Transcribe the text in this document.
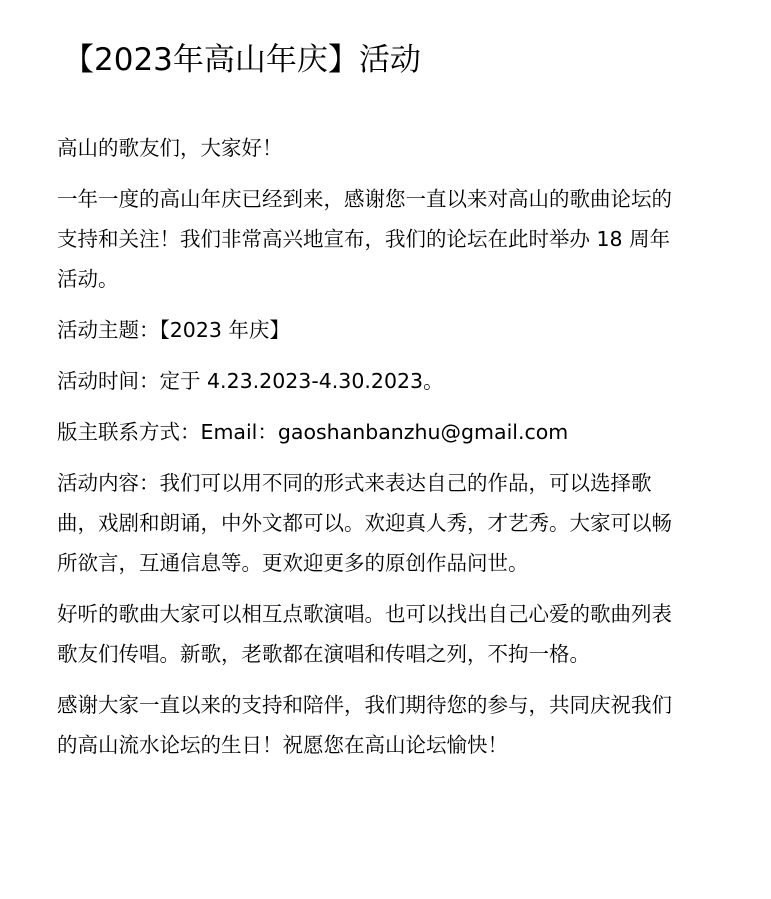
【2023年高山年庆】活动

高山的歌友们，大家好！

一年一度的高山年庆已经到来，感谢您一直以来对高山的歌曲论坛的支持和关注！我们非常高兴地宣布，我们的论坛在此时举办 18 周年活动。

活动主题：【2023 年庆】

活动时间：定于 4.23.2023-4.30.2023。

版主联系方式：Email：gaoshanbanzhu@gmail.com

活动内容：我们可以用不同的形式来表达自己的作品，可以选择歌曲，戏剧和朗诵，中外文都可以。欢迎真人秀，才艺秀。大家可以畅所欲言，互通信息等。更欢迎更多的原创作品问世。

好听的歌曲大家可以相互点歌演唱。也可以找出自己心爱的歌曲列表歌友们传唱。新歌，老歌都在演唱和传唱之列，不拘一格。

感谢大家一直以来的支持和陪伴，我们期待您的参与，共同庆祝我们的高山流水论坛的生日！祝愿您在高山论坛愉快！
